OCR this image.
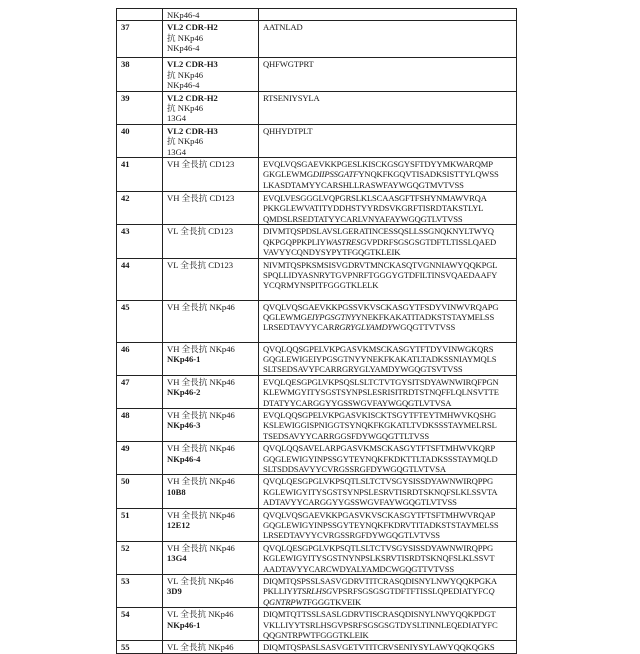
NKp46-4

37	VL2 CDR-H2
抗 NKp46
NKp46-4

AATNLAD

38	VL2 CDR-H3
抗 NKp46
NKp46-4

QHFWGTPRT

39	VL2 CDR-H2
抗 NKp46
13G4

RTSENIYSYLA

40	VL2 CDR-H3
抗 NKp46
13G4

QHHYDTPLT

41	VH 全長抗 CD123	EVQLVQSGAEVKKPGESLKISCKGSGYSFTDYYMKWARQMP
GKGLEWMGDIIPSSGATFYNQKFKGQVTISADKSISTTYLQWSS
LKASDTAMYYCARSHLLRASWFAYWGQGTMVTVSS

42	VH 全長抗 CD123	EVQLVESGGGLVQPGRSLKLSCAASGFTFSHYNMAWVRQA
PKKGLEWVATITYDDHSTYYRDSVKGRFTISRDTAKSTLYL
QMDSLRSEDTATYYCARLVNYAFAYWGQGTLVTVSS

43	VL 全長抗 CD123	DIVMTQSPDSLAVSLGERATINCESSQSLLSSGNQKNYLTWYQ
QKPGQPPKPLIYWASTRESGVPDRFSGSGSGTDFTLTISSLQAED
VAVYYCQNDYSYPYTFGQGTKLEIK

44	VL 全長抗 CD123	NIVMTQSPKSMSISVGDRVTMNCKASQTVGNNIAWYQQKPGL
SPQLLIDYASNRYTGVPNRFTGGGYGTDFILTINSVQAEDAAFY
YCQRMYNSPITFGGGTKLELK

45	VH 全長抗 NKp46	QVQLVQSGAEVKKPGSSVKVSCKASGYTFSDYVINWVRQAPG
QGLEWMGEIYPGSGTNYYNEKFKAKATITADKSTSTAYMELSS
LRSEDTAVYYCARRGRYGLYAMDYWGQGTTVTVSS

46	VH 全長抗 NKp46
NKp46-1

QVQLQQSGPELVKPGASVKMSCKASGYTFTDYVINWGKQRS
GQGLEWIGEIYPGSGTNYYNEKFKAKATLTADKSSNIAYMQLS
SLTSEDSAVYFCARRGRYGLYAMDYWGQGTSVTVSS

47	VH 全長抗 NKp46
NKp46-2

EVQLQESGPGLVKPSQSLSLTCTVTGYSITSDYAWNWIRQFPGN
KLEWMGYITYSGSTSYNPSLESRISITRDTSTNQFFLQLNSVTTE
DTATYYCARGGYYGSSWGVFAYWGQGTLVTVSA

48	VH 全長抗 NKp46
NKp46-3

EVQLQQSGPELVKPGASVKISCKTSGYTFTEYTMHWVKQSHG
KSLEWIGGISPNIGGTSYNQKFKGKATLTVDKSSSTAYMELRSL
TSEDSAVYYCARRGGSFDYWGQGTTLTVSS

49	VH 全長抗 NKp46
NKp46-4

QVQLQQSAVELARPGASVKMSCKASGYTFTSFTMHWVKQRP
GQGLEWIGYINPSSGYTEYNQKFKDKTTLTADKSSSTAYMQLD
SLTSDDSAVYYCVRGSSRGFDYWGQGTLVTVSA

50	VH 全長抗 NKp46
10B8

QVQLQESGPGLVKPSQTLSLTCTVSGYSISSDYAWNWIRQPPG
KGLEWIGYITYSGSTSYNPSLESRVTISRDTSKNQFSLKLSSVTA
ADTAVYYCARGGYYGSSWGVFAYWGQGTLVTVSS

51	VH 全長抗 NKp46
12E12

QVQLVQSGAEVKKPGASVKVSCKASGYTFTSFTMHWVRQAP
GQGLEWIGYINPSSGYTEYNQKFKDRVTITADKSTSTAYMELSS
LRSEDTAVYYCVRGSSRGFDYWGQGTLVTVSS

52	VH 全長抗 NKp46
13G4

QVQLQESGPGLVKPSQTLSLTCTVSGYSISSDYAWNWIRQPPG
KGLEWIGYITYSGSTNYNPSLKSRVTISRDTSKNQFSLKLSSVT
AADTAVYYCARCWDYALYAMDCWGQGTTVTVSS

53	VL 全長抗 NKp46
3D9

DIQMTQSPSSLSASVGDRVTITCRASQDISNYLNWYQQKPGKA
PKLLIYYTSRLHSGVPSRFSGSGSGTDFTFTISSLQPEDIATYFCQ
QGNTRPWTFGGGTKVEIK

54	VL 全長抗 NKp46
NKp46-1

DIQMTQTTSSLSASLGDRVTISCRASQDISNYLNWYQQKPDGT
VKLLIYYTSRLHSGVPSRFSGSGSGTDYSLTINNLEQEDIATYFC
QQGNTRPWTFGGGTKLEIK

55	VL 全長抗 NKp46	DIQMTQSPASLSASVGETVTITCRVSENIYSYLAWYQQKQGKS
